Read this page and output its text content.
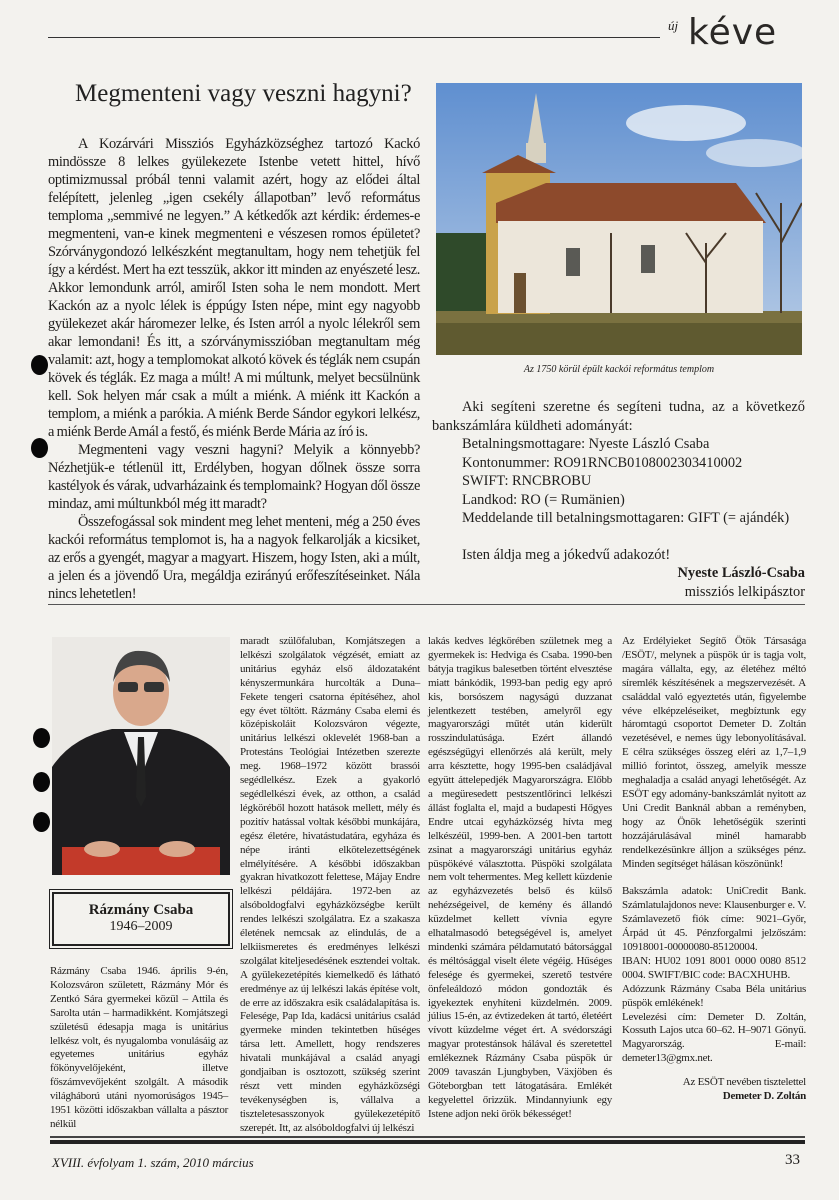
új kéve
Megmenteni vagy veszni hagyni?

A Kozárvári Missziós Egyházközséghez tartozó Kackó mindössze 8 lelkes gyülekezete Istenbe vetett hittel, hívő optimizmussal próbál tenni valamit azért, hogy az elődei által felépített, jelenleg „igen csekély állapotban” levő református temploma „semmivé ne legyen.” A kétkedők azt kérdik: érdemes-e megmenteni, van-e kinek megmenteni e vészesen romos épületet? Szórványgondozó lelkészként megtanultam, hogy nem tehetjük fel így a kérdést. Mert ha ezt tesszük, akkor itt minden az enyészeté lesz. Akkor lemondunk arról, amiről Isten soha le nem mondott. Mert Kackón az a nyolc lélek is éppúgy Isten népe, mint egy nagyobb gyülekezet akár háromezer lelke, és Isten arról a nyolc lélekről sem akar lemondani! És itt, a szórványmisszióban megtanultam még valamit: azt, hogy a templomokat alkotó kövek és téglák nem csupán kövek és téglák. Ez maga a múlt! A mi múltunk, melyet becsülnünk kell. Sok helyen már csak a múlt a miénk. A miénk itt Kackón a templom, a miénk a parókia. A miénk Berde Sándor egykori lelkész, a miénk Berde Amál a festő, és miénk Berde Mária az író is.

Megmenteni vagy veszni hagyni? Melyik a könnyebb? Nézhetjük-e tétlenül itt, Erdélyben, hogyan dőlnek össze sorra kastélyok és várak, udvarházaink és templomaink? Hogyan dől össze mindaz, ami múltunkból még itt maradt?

Összefogással sok mindent meg lehet menteni, még a 250 éves kackói református templomot is, ha a nagyok felkarolják a kicsiket, az erős a gyengét, magyar a magyart. Hiszem, hogy Isten, aki a múlt, a jelen és a jövendő Ura, megáldja ezirányú erőfeszítéseinket. Nála nincs lehetetlen!

Az 1750 körül épült kackói református templom

Aki segíteni szeretne és segíteni tudna, az a következő bankszámlára küldheti adományát:

Betalningsmottagare: Nyeste László Csaba

Kontonummer: RO91RNCB0108002303410002

SWIFT: RNCBROBU

Landkod: RO (= Rumänien)

Meddelande till betalningsmottagaren: GIFT (= ajándék)

Isten áldja meg a jókedvű adakozót!

Nyeste László-Csaba

missziós lelkipásztor

Rázmány Csaba
1946–2009

Rázmány Csaba 1946. április 9-én, Kolozsváron született, Rázmány Mór és Zentkó Sára gyermekei közül – Attila és Sarolta után – harmadikként. Komjátszegi születésű édesapja maga is unitárius lelkész volt, és nyugalomba vonulásáig az egyetemes unitárius egyház főkönyvelőjeként, illetve főszámvevőjeként szolgált. A második világháború utáni nyomorúságos 1945–1951 közötti időszakban vállalta a pásztor nélkül

maradt szülőfaluban, Komjátszegen a lelkészi szolgálatok végzését, emiatt az unitárius egyház első áldozataként kényszermunkára hurcolták a Duna–Fekete tengeri csatorna építéséhez, ahol egy évet töltött. Rázmány Csaba elemi és középiskoláit Kolozsváron végezte, unitárius lelkészi oklevelét 1968-ban a Protestáns Teológiai Intézetben szerezte meg. 1968–1972 között brassói segédlelkész. Ezek a gyakorló segédlelkészi évek, az otthon, a család légköréből hozott hatások mellett, mély és pozitív hatással voltak későbbi munkájára, egész életére, hivatástudatára, egyháza és népe iránti elkötelezettségének elmélyítésére. A későbbi időszakban gyakran hivatkozott felettese, Májay Endre lelkészi példájára. 1972-ben az alsóboldogfalvi egyházközségbe került rendes lelkészi szolgálatra. Ez a szakasza életének nemcsak az elindulás, de a lelkiismeretes és eredményes lelkészi szolgálat kiteljesedésének esztendei voltak. A gyülekezetépítés kiemelkedő és látható eredménye az új lelkészi lakás építése volt, de erre az időszakra esik családalapítása is. Felesége, Pap Ida, kadácsi unitárius család gyermeke minden tekintetben hűséges társa lett. Amellett, hogy rendszeres hivatali munkájával a család anyagi gondjaiban is osztozott, szükség szerint részt vett minden egyházközségi tevékenységben is, vállalva a tiszteletesasszonyok gyülekezetépítő szerepét. Itt, az alsóboldogfalvi új lelkészi

lakás kedves légkörében születnek meg a gyermekek is: Hedviga és Csaba. 1990-ben bátyja tragikus balesetben történt elvesztése miatt bánkódik, 1993-ban pedig egy apró kis, borsószem nagyságú duzzanat jelentkezett testében, amelyről egy magyarországi műtét után kiderült rosszindulatúsága. Ezért állandó egészségügyi ellenőrzés alá került, mely arra késztette, hogy 1995-ben családjával együtt áttelepedjék Magyarországra. Előbb a megüresedett pestszentlőrinci lelkészi állást foglalta el, majd a budapesti Hőgyes Endre utcai egyházközség hívta meg lelkészéül, 1999-ben. A 2001-ben tartott zsinat a magyarországi unitárius egyház püspökévé választotta. Püspöki szolgálata nem volt tehermentes. Meg kellett küzdenie az egyházvezetés belső és külső nehézségeivel, de kemény és állandó küzdelmet kellett vívnia egyre elhatalmasodó betegségével is, amelyet mindenki számára példamutató bátorsággal és méltósággal viselt élete végéig. Hűséges felesége és gyermekei, szerető testvére önfeleáldozó módon gondozták és igyekeztek enyhíteni küzdelmén. 2009. július 15-én, az évtizedeken át tartó, életéért vívott küzdelme véget ért. A svédországi magyar protestánsok hálával és szeretettel emlékeznek Rázmány Csaba püspök úr 2009 tavaszán Ljungbyben, Växjöben és Göteborgban tett látogatására. Emlékét kegyelettel őrizzük. Mindannyiunk egy Istene adjon neki örök békességet!

Az Erdélyieket Segítő Ötök Társasága /ESÖT/, melynek a püspök úr is tagja volt, magára vállalta, egy, az életéhez méltó síremlék készítésének a megszervezését. A családdal való egyeztetés után, figyelembe véve elképzeléseiket, megbíztunk egy háromtagú csoportot Demeter D. Zoltán vezetésével, e nemes ügy lebonyolításával. E célra szükséges összeg eléri az 1,7–1,9 millió forintot, összeg, amelyik messze meghaladja a család anyagi lehetőségét. Az ESÖT egy adomány-bankszámlát nyitott az Uni Credit Banknál abban a reményben, hogy az Önök lehetőségük szerinti hozzájárulásával minél hamarabb rendelkezésünkre álljon a szükséges pénz. Minden segítséget hálásan köszönünk!

Bakszámla adatok: UniCredit Bank. Számlatulajdonos neve: Klausenburger e. V. Számlavezető fiók címe: 9021–Győr, Árpád út 45. Pénzforgalmi jelzőszám: 10918001-00000080-85120004.

IBAN: HU02 1091 8001 0000 0080 8512 0004. SWIFT/BIC code: BACXHUHB.

Adózzunk Rázmány Csaba Béla unitárius püspök emlékének!

Levelezési cím: Demeter D. Zoltán, Kossuth Lajos utca 60–62. H–9071 Gönyű. Magyarország. E-mail: demeter13@gmx.net.

Az ESÖT nevében tisztelettel

Demeter D. Zoltán

XVIII. évfolyam 1. szám, 2010 március	33
